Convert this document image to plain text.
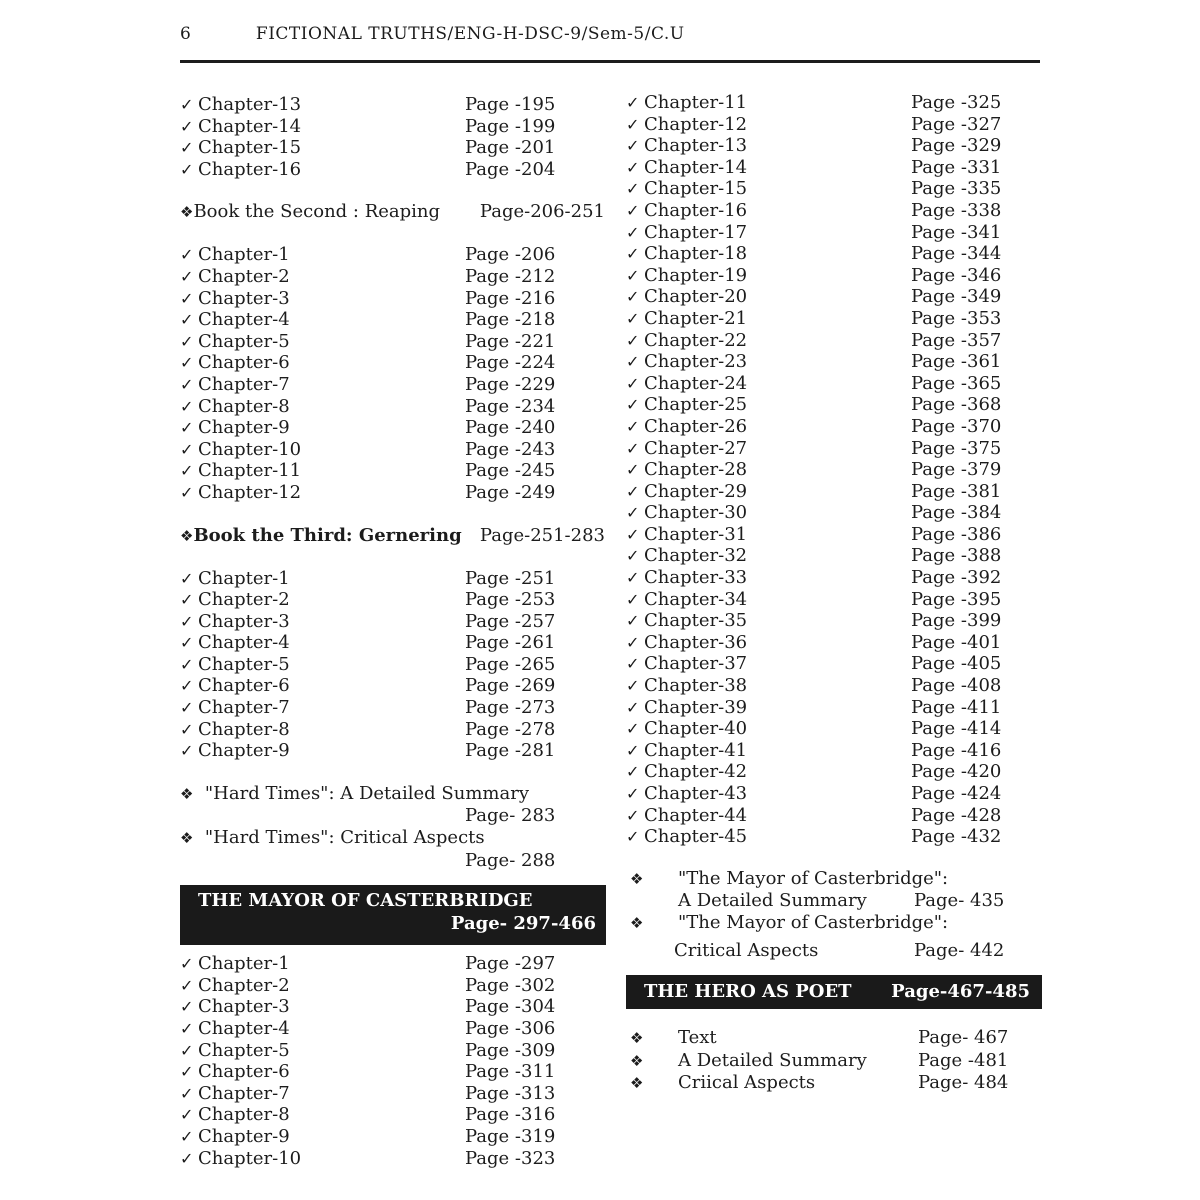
6	FICTIONAL TRUTHS/ENG-H-DSC-9/Sem-5/C.U
✓ Chapter-13	Page -195
✓ Chapter-14	Page -199
✓ Chapter-15	Page -201
✓ Chapter-16	Page -204
❖Book the Second : Reaping Page-206-251
✓ Chapter-1	Page -206
✓ Chapter-2	Page -212
✓ Chapter-3	Page -216
✓ Chapter-4	Page -218
✓ Chapter-5	Page -221
✓ Chapter-6	Page -224
✓ Chapter-7	Page -229
✓ Chapter-8	Page -234
✓ Chapter-9	Page -240
✓ Chapter-10	Page -243
✓ Chapter-11	Page -245
✓ Chapter-12	Page -249
❖Book the Third: Gernering Page-251-283
✓ Chapter-1	Page -251
✓ Chapter-2	Page -253
✓ Chapter-3	Page -257
✓ Chapter-4	Page -261
✓ Chapter-5	Page -265
✓ Chapter-6	Page -269
✓ Chapter-7	Page -273
✓ Chapter-8	Page -278
✓ Chapter-9	Page -281
❖ "Hard Times": A Detailed Summary
Page- 283
❖ "Hard Times": Critical Aspects
Page- 288
THE MAYOR OF CASTERBRIDGE
Page- 297-466
✓ Chapter-1	Page -297
✓ Chapter-2	Page -302
✓ Chapter-3	Page -304
✓ Chapter-4	Page -306
✓ Chapter-5	Page -309
✓ Chapter-6	Page -311
✓ Chapter-7	Page -313
✓ Chapter-8	Page -316
✓ Chapter-9	Page -319
✓ Chapter-10	Page -323
✓ Chapter-11	Page -325
✓ Chapter-12	Page -327
✓ Chapter-13	Page -329
✓ Chapter-14	Page -331
✓ Chapter-15	Page -335
✓ Chapter-16	Page -338
✓ Chapter-17	Page -341
✓ Chapter-18	Page -344
✓ Chapter-19	Page -346
✓ Chapter-20	Page -349
✓ Chapter-21	Page -353
✓ Chapter-22	Page -357
✓ Chapter-23	Page -361
✓ Chapter-24	Page -365
✓ Chapter-25	Page -368
✓ Chapter-26	Page -370
✓ Chapter-27	Page -375
✓ Chapter-28	Page -379
✓ Chapter-29	Page -381
✓ Chapter-30	Page -384
✓ Chapter-31	Page -386
✓ Chapter-32	Page -388
✓ Chapter-33	Page -392
✓ Chapter-34	Page -395
✓ Chapter-35	Page -399
✓ Chapter-36	Page -401
✓ Chapter-37	Page -405
✓ Chapter-38	Page -408
✓ Chapter-39	Page -411
✓ Chapter-40	Page -414
✓ Chapter-41	Page -416
✓ Chapter-42	Page -420
✓ Chapter-43	Page -424
✓ Chapter-44	Page -428
✓ Chapter-45	Page -432
❖ "The Mayor of Casterbridge":
A Detailed Summary	Page- 435
❖ "The Mayor of Casterbridge":
Critical Aspects	Page- 442
THE HERO AS POET Page-467-485
❖ Text	Page- 467
❖ A Detailed Summary	Page -481
❖ Criical Aspects	Page- 484
